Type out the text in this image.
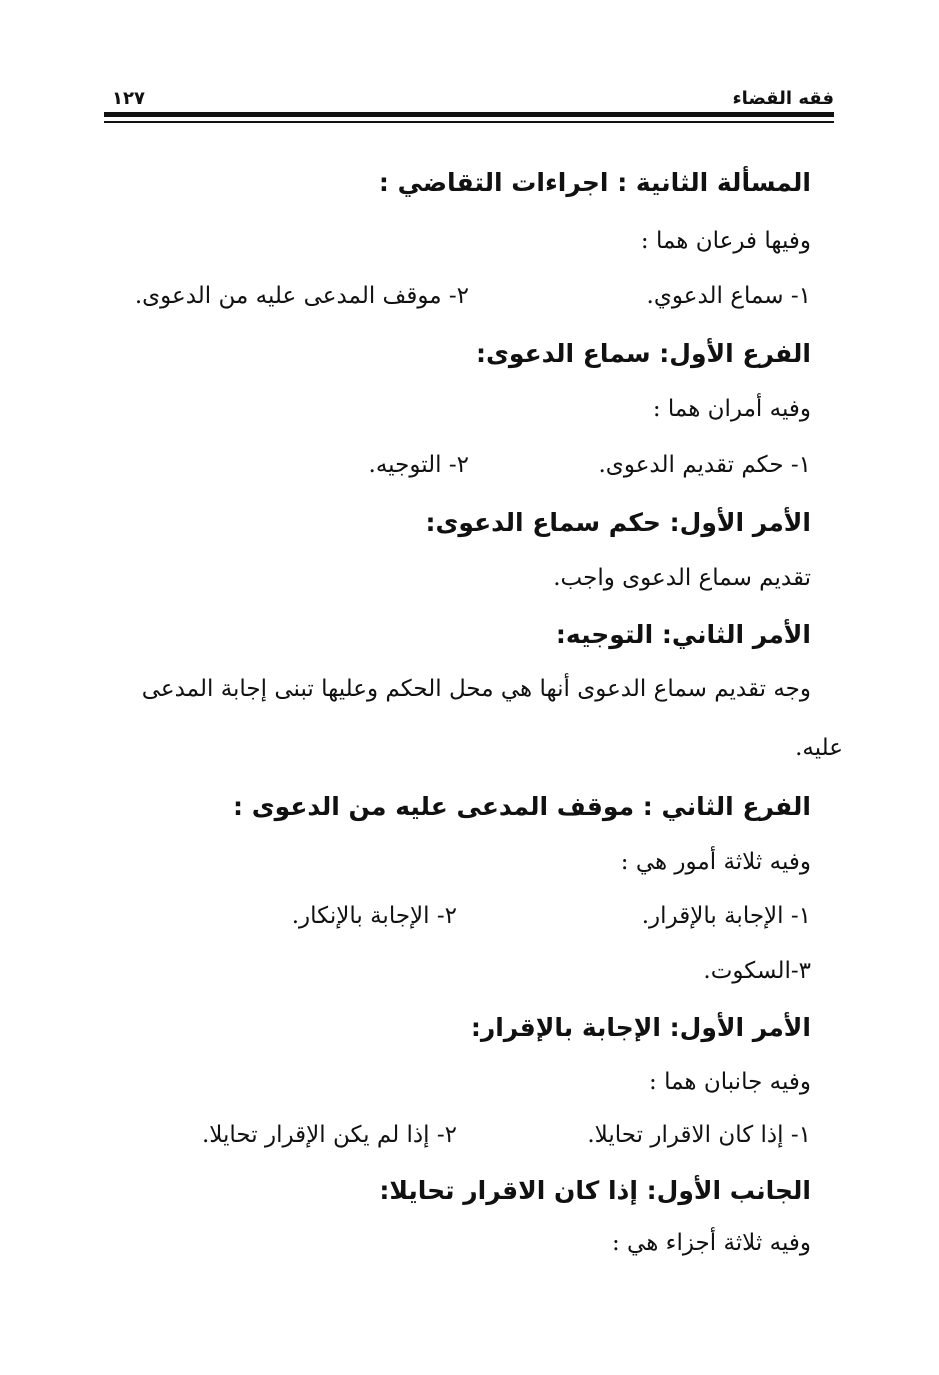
فقه القضاء
١٢٧
المسألة الثانية : اجراءات التقاضي :
وفيها فرعان هما :
١- سماع الدعوي.
٢- موقف المدعى عليه من الدعوى.
الفرع الأول: سماع الدعوى:
وفيه أمران هما :
١- حكم تقديم الدعوى.
٢- التوجيه.
الأمر الأول: حكم سماع الدعوى:
تقديم سماع الدعوى واجب.
الأمر الثاني: التوجيه:
وجه تقديم سماع الدعوى أنها هي محل الحكم وعليها تبنى إجابة المدعى
عليه.
الفرع الثاني : موقف المدعى عليه من الدعوى :
وفيه ثلاثة أمور هي :
١- الإجابة بالإقرار.
٢- الإجابة بالإنكار.
٣-السكوت.
الأمر الأول: الإجابة بالإقرار:
وفيه جانبان هما :
١- إذا كان الاقرار تحايلا.
٢- إذا لم يكن الإقرار تحايلا.
الجانب الأول: إذا كان الاقرار تحايلا:
وفيه ثلاثة أجزاء هي :
